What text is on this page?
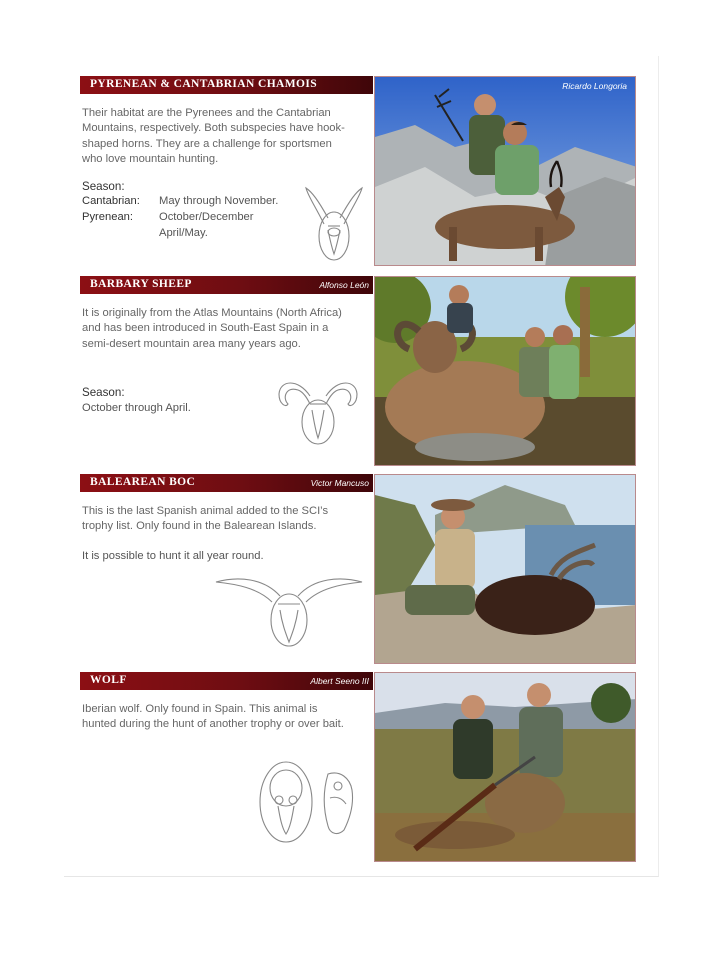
PYRENEAN & CANTABRIAN CHAMOIS
Their habitat are the Pyrenees and the Cantabrian Mountains, respectively. Both subspecies have hook-shaped horns. They are a challenge for sportsmen who love mountain hunting.
Season:
Cantabrian: May through November.
Pyrenean: October/December
April/May.
Ricardo Longoria
BARBARY SHEEP	Alfonso León
It is originally from the Atlas Mountains (North Africa) and has been introduced in South-East Spain in a semi-desert mountain area many years ago.
Season:
October through April.
BALEAREAN BOC	Victor Mancuso
This is the last Spanish animal added to the SCI’s trophy list. Only found in the Balearean Islands.
It is possible to hunt it all year round.
WOLF	Albert Seeno III
Iberian wolf. Only found in Spain. This animal is hunted during the hunt of another trophy or over bait.
